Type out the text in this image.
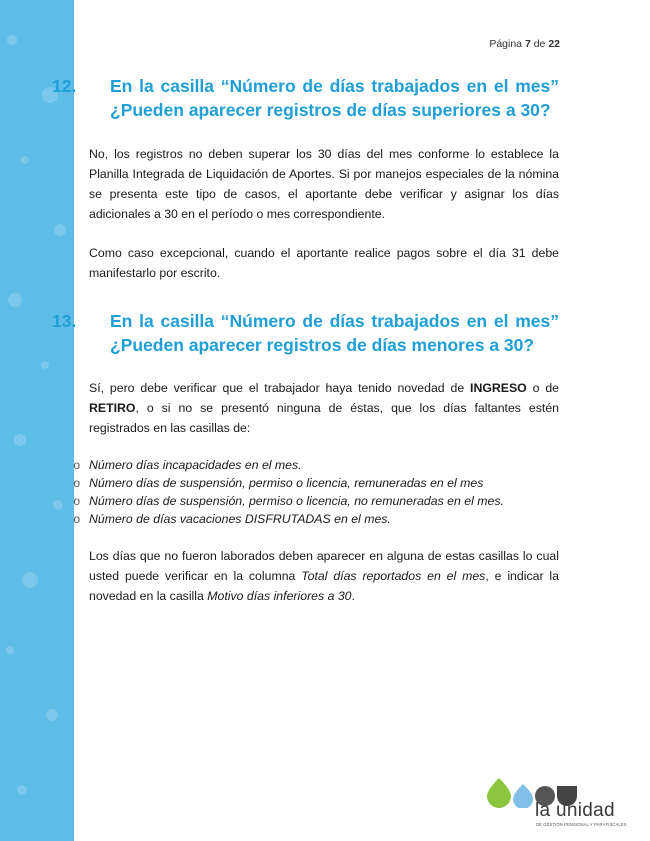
Página 7 de 22
12.	En la casilla “Número de días trabajados en el mes” ¿Pueden aparecer registros de días superiores a 30?

No, los registros no deben superar los 30 días del mes conforme lo establece la Planilla Integrada de Liquidación de Aportes. Si por manejos especiales de la nómina se presenta este tipo de casos, el aportante debe verificar y asignar los días adicionales a 30 en el período o mes correspondiente.

Como caso excepcional, cuando el aportante realice pagos sobre el día 31 debe manifestarlo por escrito.

13.	En la casilla “Número de días trabajados en el mes” ¿Pueden aparecer registros de días menores a 30?

Sí, pero debe verificar que el trabajador haya tenido novedad de INGRESO o de RETIRO, o si no se presentó ninguna de éstas, que los días faltantes estén registrados en las casillas de:

o Número días incapacidades en el mes.
o Número días de suspensión, permiso o licencia, remuneradas en el mes
o Número días de suspensión, permiso o licencia, no remuneradas en el mes.
o Número de días vacaciones DISFRUTADAS en el mes.

Los días que no fueron laborados deben aparecer en alguna de estas casillas lo cual usted puede verificar en la columna Total días reportados en el mes, e indicar la novedad en la casilla Motivo días inferiores a 30.

la unidad
DE GESTIÓN PENSIONAL Y PARAFISCALES
